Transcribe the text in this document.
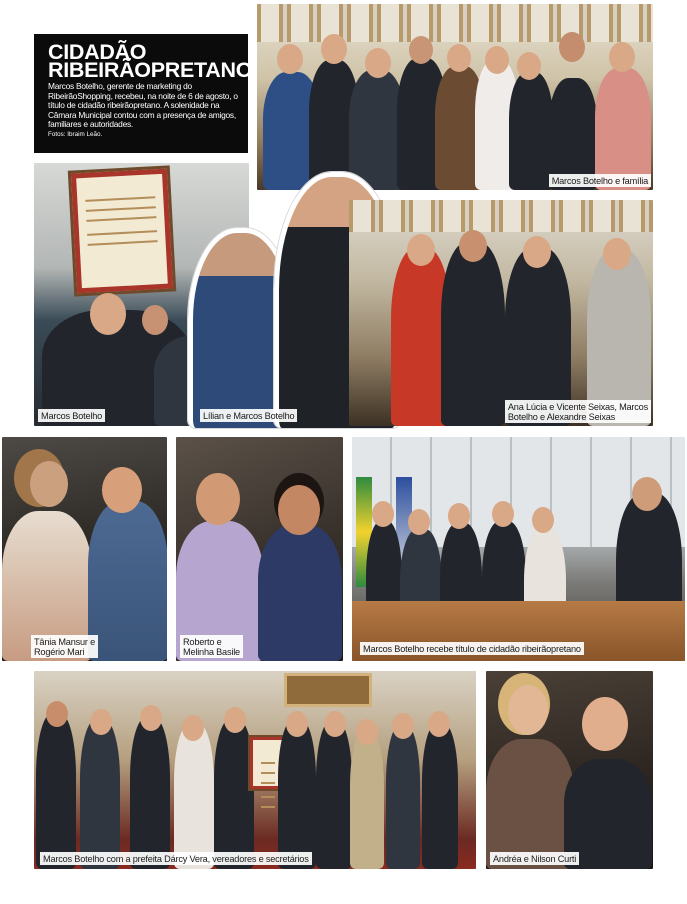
CIDADÃO
RIBEIRÃOPRETANO
Marcos Botelho, gerente de marketing do RibeirãoShopping, recebeu, na noite de 6 de agosto, o título de cidadão ribeirãopretano. A solenidade na Câmara Municipal contou com a presença de amigos, familiares e autoridades.
Fotos: Ibraim Leão.
Marcos Botelho e família
Marcos Botelho	Lílian e Marcos Botelho
Ana Lúcia e Vicente Seixas, Marcos
Botelho e Alexandre Seixas
Tânia Mansur e
Rogério Mari
Roberto e
Melinha Basile	Marcos Botelho recebe título de cidadão ribeirãopretano
Marcos Botelho com a prefeita Dárcy Vera, vereadores e secretários	Andréa e Nilson Curti
